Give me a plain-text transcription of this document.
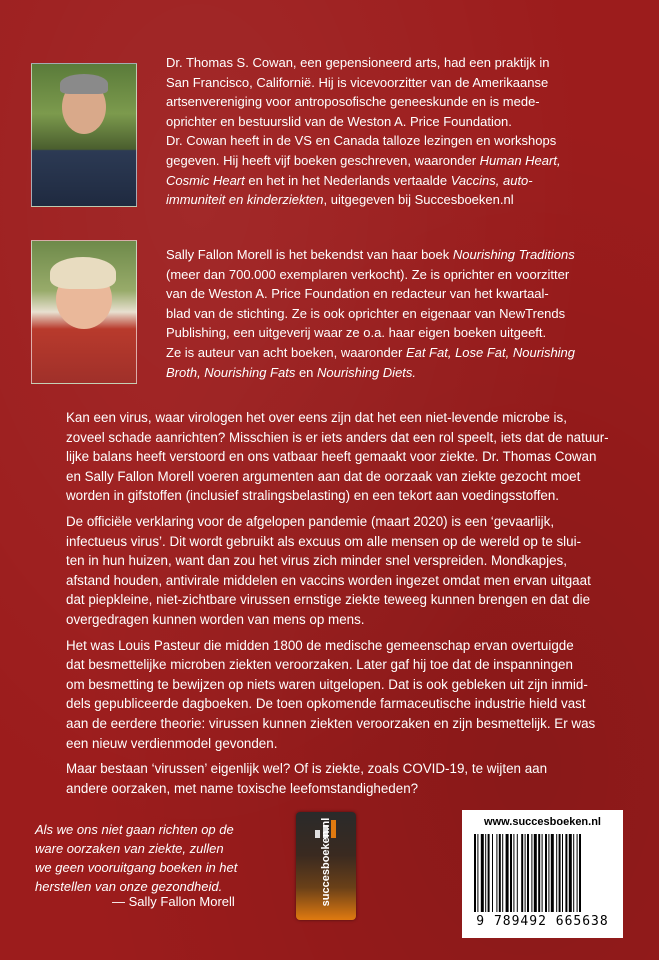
Dr. Thomas S. Cowan, een gepensioneerd arts, had een praktijk in
San Francisco, Californië. Hij is vicevoorzitter van de Amerikaanse
artsenvereniging voor antroposofische geneeskunde en is mede-
oprichter en bestuurslid van de Weston A. Price Foundation.
Dr. Cowan heeft in de VS en Canada talloze lezingen en workshops
gegeven. Hij heeft vijf boeken geschreven, waaronder Human Heart,
Cosmic Heart en het in het Nederlands vertaalde Vaccins, auto-
immuniteit en kinderziekten, uitgegeven bij Succesboeken.nl

Sally Fallon Morell is het bekendst van haar boek Nourishing Traditions
(meer dan 700.000 exemplaren verkocht). Ze is oprichter en voorzitter
van de Weston A. Price Foundation en redacteur van het kwartaal-
blad van de stichting. Ze is ook oprichter en eigenaar van NewTrends
Publishing, een uitgeverij waar ze o.a. haar eigen boeken uitgeeft.
Ze is auteur van acht boeken, waaronder Eat Fat, Lose Fat, Nourishing
Broth, Nourishing Fats en Nourishing Diets.

Kan een virus, waar virologen het over eens zijn dat het een niet-levende microbe is,
zoveel schade aanrichten? Misschien is er iets anders dat een rol speelt, iets dat de natuur-
lijke balans heeft verstoord en ons vatbaar heeft gemaakt voor ziekte. Dr. Thomas Cowan
en Sally Fallon Morell voeren argumenten aan dat de oorzaak van ziekte gezocht moet
worden in gifstoffen (inclusief stralingsbelasting) en een tekort aan voedingsstoffen.

De officiële verklaring voor de afgelopen pandemie (maart 2020) is een ‘gevaarlijk,
infectueus virus’. Dit wordt gebruikt als excuus om alle mensen op de wereld op te slui-
ten in hun huizen, want dan zou het virus zich minder snel verspreiden. Mondkapjes,
afstand houden, antivirale middelen en vaccins worden ingezet omdat men ervan uitgaat
dat piepkleine, niet-zichtbare virussen ernstige ziekte teweeg kunnen brengen en dat die
overgedragen kunnen worden van mens op mens.

Het was Louis Pasteur die midden 1800 de medische gemeenschap ervan overtuigde
dat besmettelijke microben ziekten veroorzaken. Later gaf hij toe dat de inspanningen
om besmetting te bewijzen op niets waren uitgelopen. Dat is ook gebleken uit zijn inmid-
dels gepubliceerde dagboeken. De toen opkomende farmaceutische industrie hield vast
aan de eerdere theorie: virussen kunnen ziekten veroorzaken en zijn besmettelijk. Er was
een nieuw verdienmodel gevonden.

Maar bestaan ‘virussen’ eigenlijk wel? Of is ziekte, zoals COVID-19, te wijten aan
andere oorzaken, met name toxische leefomstandigheden?

Als we ons niet gaan richten op de
ware oorzaken van ziekte, zullen
we geen vooruitgang boeken in het
herstellen van onze gezondheid.
— Sally Fallon Morell	succesboeken.nl	www.succesboeken.nl
9 789492 665638
